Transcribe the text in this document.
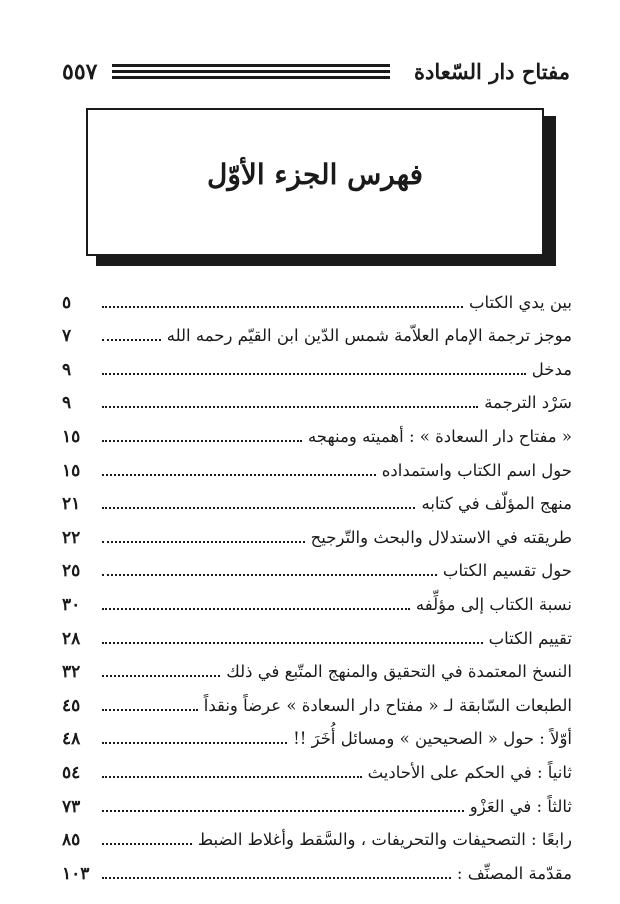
٥٥٧	مفتاح دار السّعادة
فهرس الجزء الأوّل
بين يدي الكتاب
٥
موجز ترجمة الإمام العلاّمة شمس الدّين ابن القيّم رحمه الله
٧
مدخل
٩
سَرْد الترجمة
٩
« مفتاح دار السعادة » : أهميته ومنهجه
١٥
حول اسم الكتاب واستمداده
١٥
منهج المؤلّف في كتابه
٢١
طريقته في الاستدلال والبحث والتّرجيح
٢٢
حول تقسيم الكتاب
٢٥
نسبة الكتاب إلى مؤلِّفه
٣٠
تقييم الكتاب
٢٨
النسخ المعتمدة في التحقيق والمنهج المتّبع في ذلك
٣٢
الطبعات السّابقة لـ « مفتاح دار السعادة » عرضاً ونقداً
٤٥
أوّلاً : حول « الصحيحين » ومسائل أُخَرَ !!
٤٨
ثانياً : في الحكم على الأحاديث
٥٤
ثالثاً : في العَزْو
٧٣
رابعًا : التصحيفات والتحريفات ، والسَّقط وأغلاط الضبط
٨٥
مقدّمة المصنِّف :
١٠٣
